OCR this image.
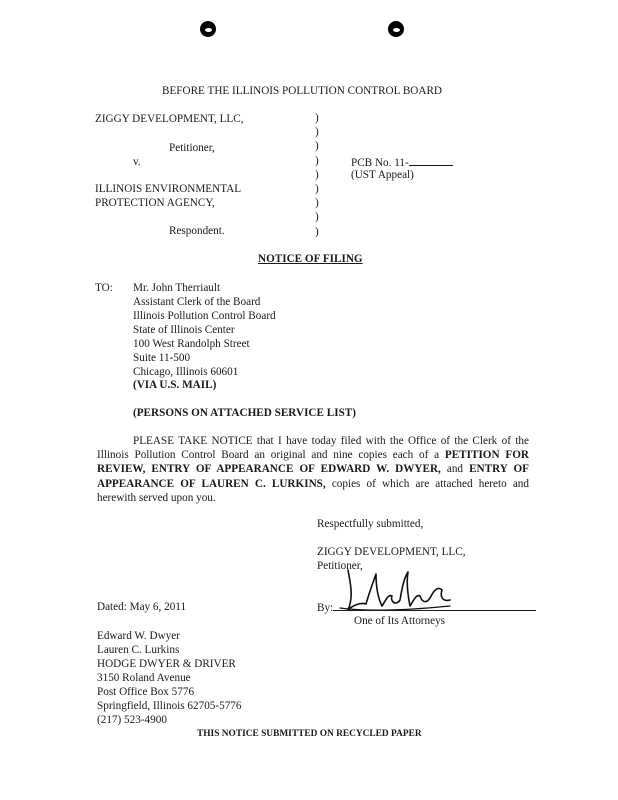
BEFORE THE ILLINOIS POLLUTION CONTROL BOARD
ZIGGY DEVELOPMENT, LLC,
Petitioner,
v.
ILLINOIS ENVIRONMENTAL
PROTECTION AGENCY,
Respondent.
)
)
)
)
)
)
)
)
)
PCB No. 11-
(UST Appeal)
NOTICE OF FILING
TO: Mr. John Therriault
Assistant Clerk of the Board
Illinois Pollution Control Board
State of Illinois Center
100 West Randolph Street
Suite 11-500
Chicago, Illinois 60601
(VIA U.S. MAIL)
(PERSONS ON ATTACHED SERVICE LIST)
PLEASE TAKE NOTICE that I have today filed with the Office of the Clerk of the Illinois Pollution Control Board an original and nine copies each of a PETITION FOR REVIEW, ENTRY OF APPEARANCE OF EDWARD W. DWYER, and ENTRY OF APPEARANCE OF LAUREN C. LURKINS, copies of which are attached hereto and herewith served upon you.
Respectfully submitted,
ZIGGY DEVELOPMENT, LLC,
Petitioner,
By:
One of Its Attorneys
Dated: May 6, 2011
Edward W. Dwyer
Lauren C. Lurkins
HODGE DWYER & DRIVER
3150 Roland Avenue
Post Office Box 5776
Springfield, Illinois 62705-5776
(217) 523-4900
THIS NOTICE SUBMITTED ON RECYCLED PAPER
